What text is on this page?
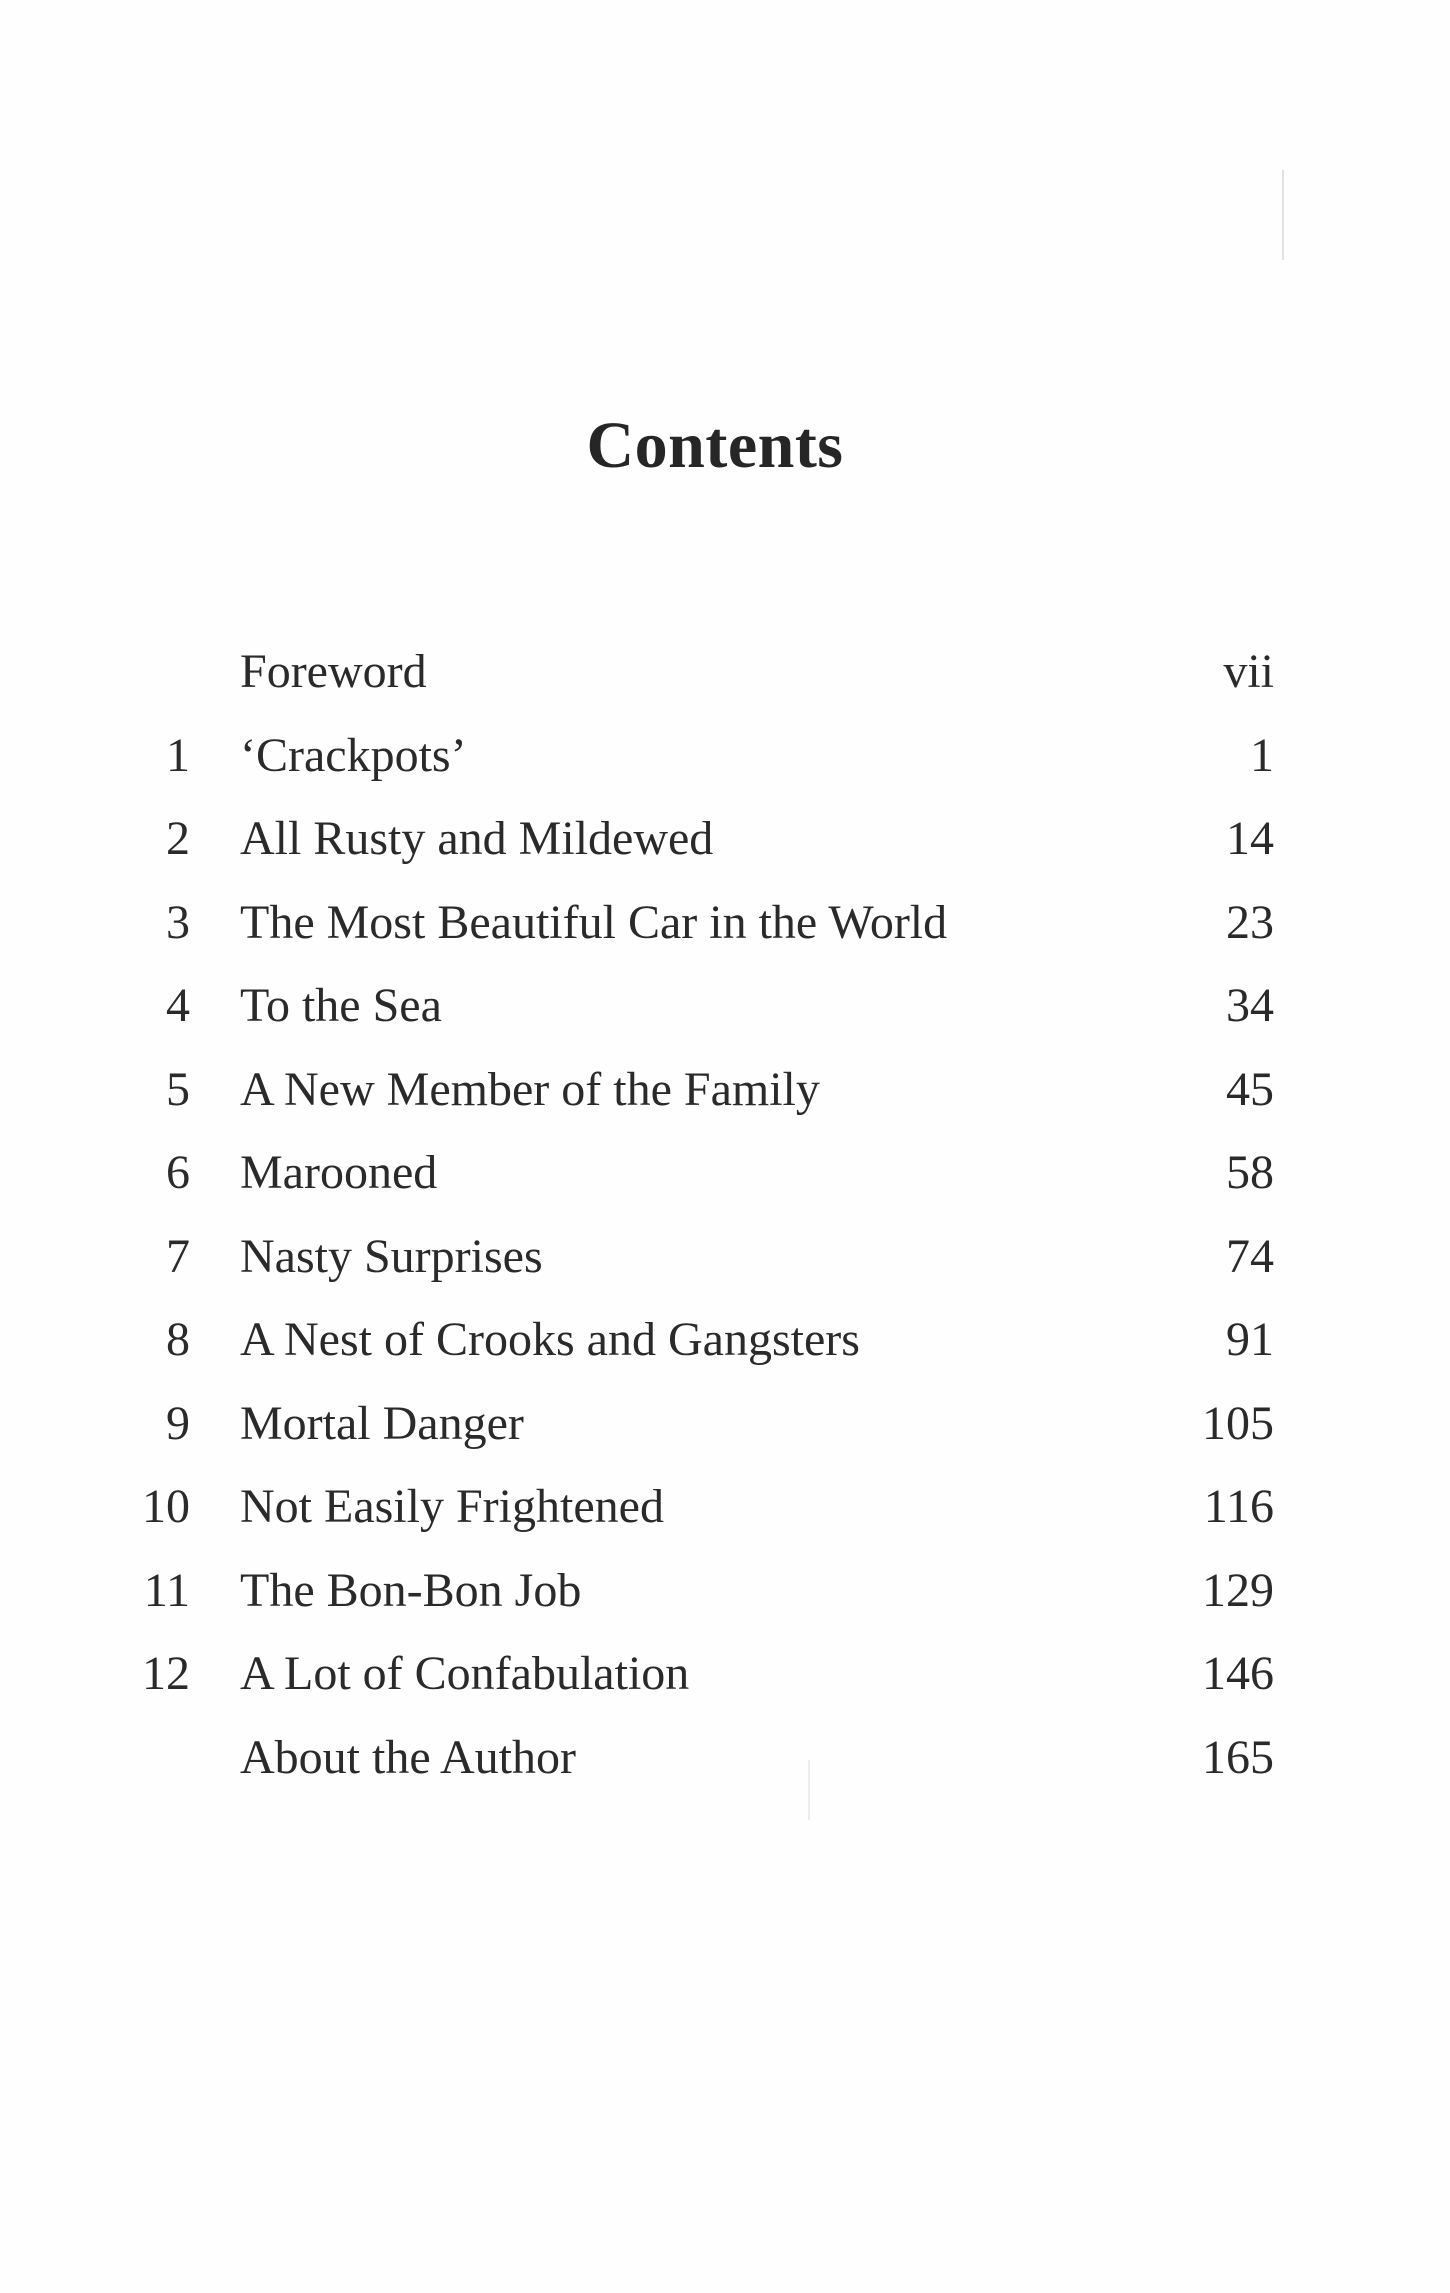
Contents
Foreword	vii
1 ‘Crackpots’	1
2 All Rusty and Mildewed	14
3 The Most Beautiful Car in the World	23
4 To the Sea	34
5 A New Member of the Family	45
6 Marooned	58
7 Nasty Surprises	74
8 A Nest of Crooks and Gangsters	91
9 Mortal Danger	105
10 Not Easily Frightened	116
11 The Bon-Bon Job	129
12 A Lot of Confabulation	146
About the Author	165
